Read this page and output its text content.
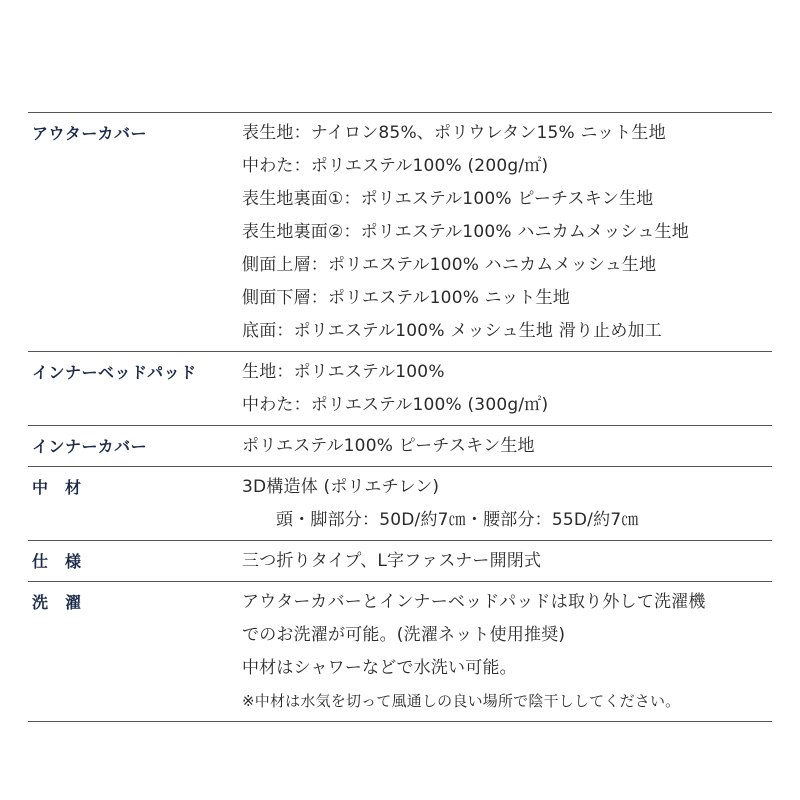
アウターカバー	表生地：ナイロン85%、ポリウレタン15% ニット生地
中わた：ポリエステル100% (200g/㎡)
表生地裏面①：ポリエステル100% ピーチスキン生地
表生地裏面②：ポリエステル100% ハニカムメッシュ生地
側面上層：ポリエステル100% ハニカムメッシュ生地
側面下層：ポリエステル100% ニット生地
底面：ポリエステル100% メッシュ生地 滑り止め加工
インナーベッドパッド	生地：ポリエステル100%
中わた：ポリエステル100% (300g/㎡)
インナーカバー	ポリエステル100% ピーチスキン生地
中　材	3D構造体 (ポリエチレン)
頭・脚部分：50D/約7㎝・腰部分：55D/約7㎝
仕　様	三つ折りタイプ、L字ファスナー開閉式
洗　濯	アウターカバーとインナーベッドパッドは取り外して洗濯機
でのお洗濯が可能。(洗濯ネット使用推奨)
中材はシャワーなどで水洗い可能。
※中材は水気を切って風通しの良い場所で陰干ししてください。
